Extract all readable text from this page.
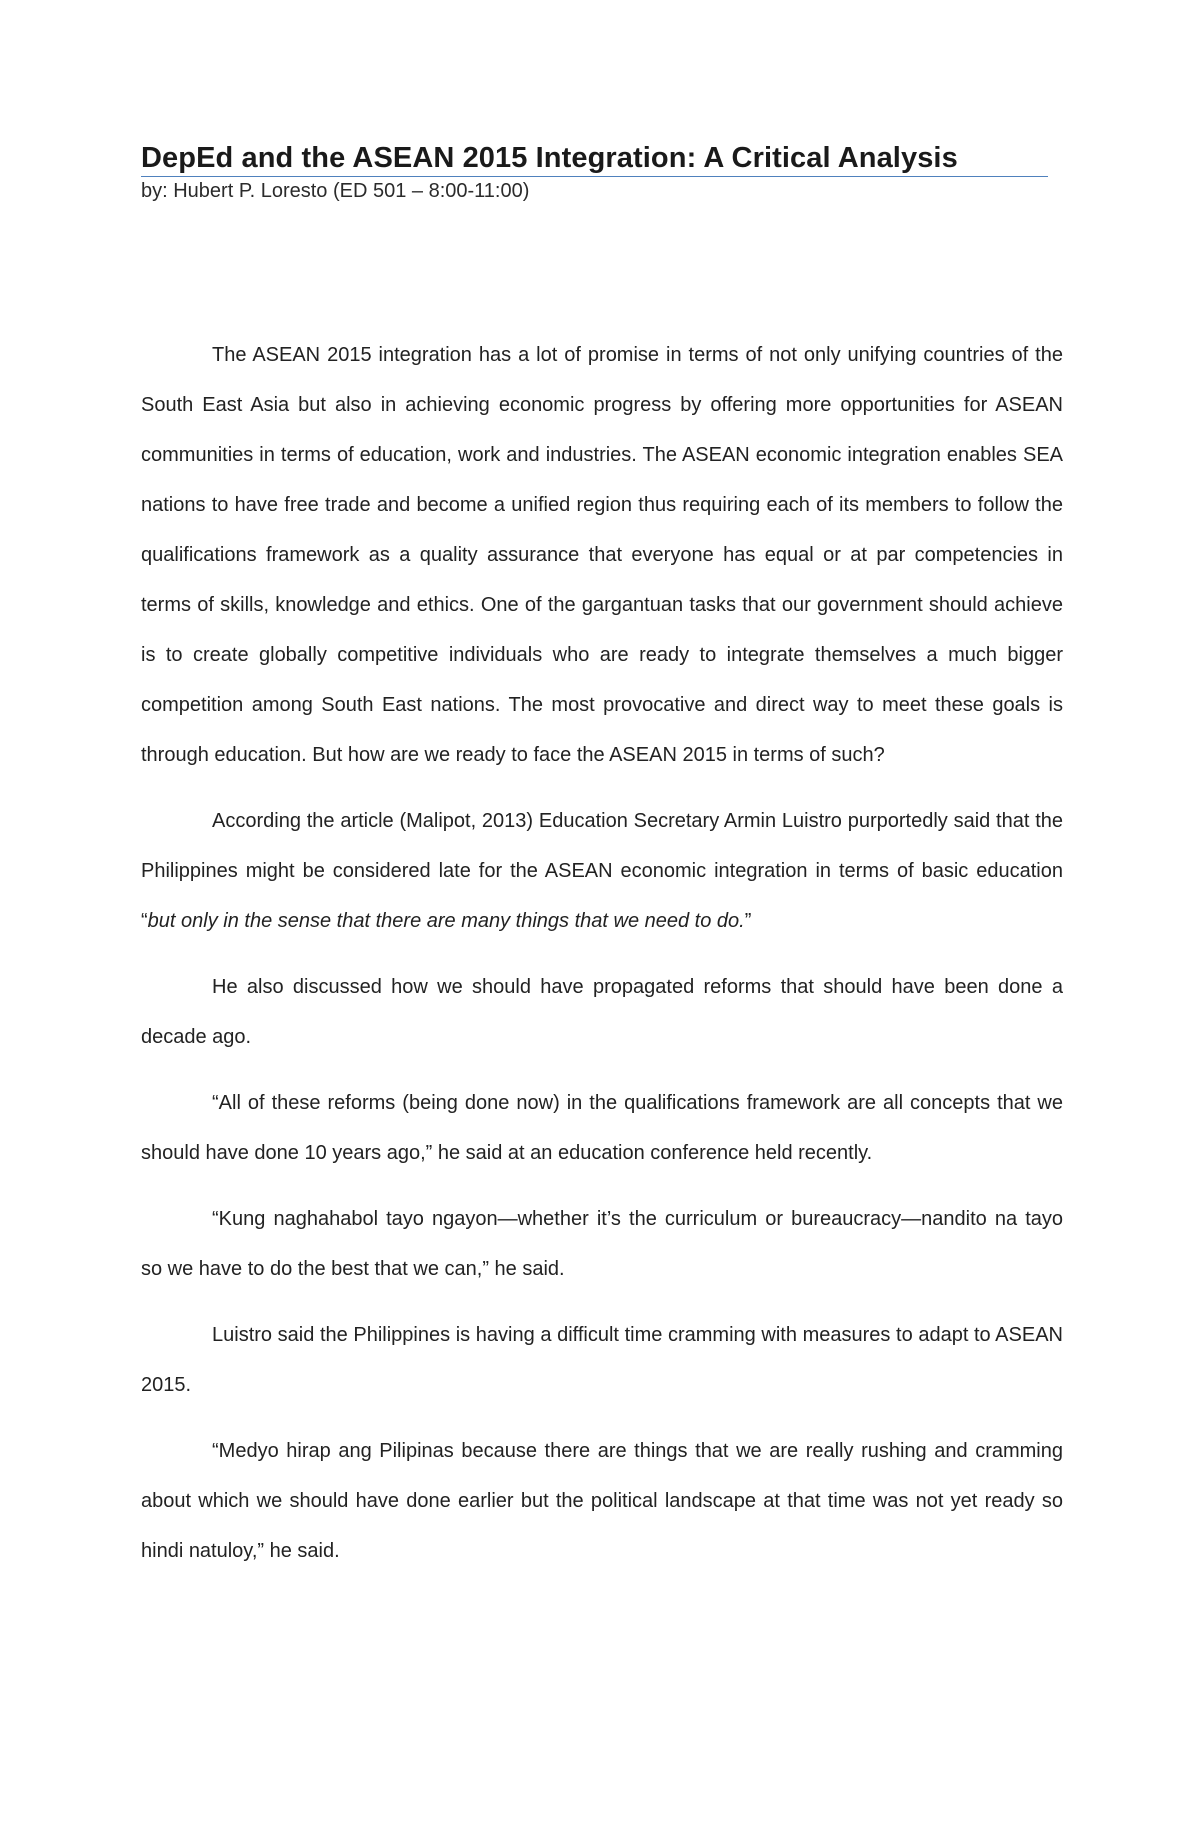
DepEd and the ASEAN 2015 Integration: A Critical Analysis

by: Hubert P. Loresto (ED 501 – 8:00-11:00)

The ASEAN 2015 integration has a lot of promise in terms of not only unifying countries of the South East Asia but also in achieving economic progress by offering more opportunities for ASEAN communities in terms of education, work and industries. The ASEAN economic integration enables SEA nations to have free trade and become a unified region thus requiring each of its members to follow the qualifications framework as a quality assurance that everyone has equal or at par competencies in terms of skills, knowledge and ethics. One of the gargantuan tasks that our government should achieve is to create globally competitive individuals who are ready to integrate themselves a much bigger competition among South East nations. The most provocative and direct way to meet these goals is through education. But how are we ready to face the ASEAN 2015 in terms of such?

According the article (Malipot, 2013) Education Secretary Armin Luistro purportedly said that the Philippines might be considered late for the ASEAN economic integration in terms of basic education “but only in the sense that there are many things that we need to do.”

He also discussed how we should have propagated reforms that should have been done a decade ago.

“All of these reforms (being done now) in the qualifications framework are all concepts that we should have done 10 years ago,” he said at an education conference held recently.

“Kung naghahabol tayo ngayon—whether it’s the curriculum or bureaucracy—nandito na tayo so we have to do the best that we can,” he said.

Luistro said the Philippines is having a difficult time cramming with measures to adapt to ASEAN 2015.

“Medyo hirap ang Pilipinas because there are things that we are really rushing and cramming about which we should have done earlier but the political landscape at that time was not yet ready so hindi natuloy,” he said.
